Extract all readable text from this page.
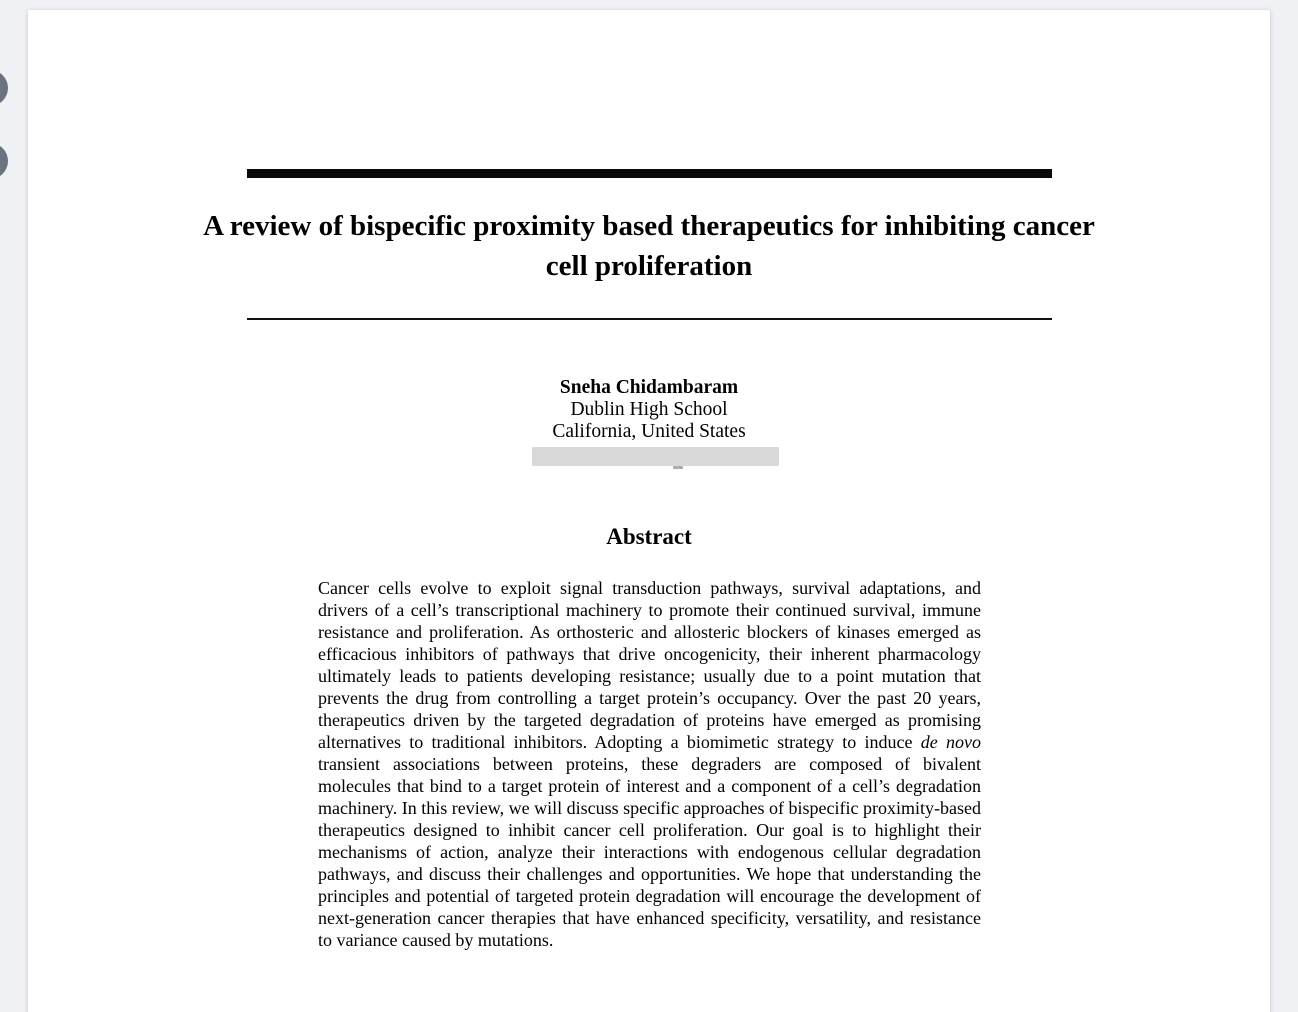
A review of bispecific proximity based therapeutics for inhibiting cancer cell proliferation
Sneha Chidambaram
Dublin High School
California, United States
Abstract

Cancer cells evolve to exploit signal transduction pathways, survival adaptations, and drivers of a cell’s transcriptional machinery to promote their continued survival, immune resistance and proliferation. As orthosteric and allosteric blockers of kinases emerged as efficacious inhibitors of pathways that drive oncogenicity, their inherent pharmacology ultimately leads to patients developing resistance; usually due to a point mutation that prevents the drug from controlling a target protein’s occupancy. Over the past 20 years, therapeutics driven by the targeted degradation of proteins have emerged as promising alternatives to traditional inhibitors. Adopting a biomimetic strategy to induce de novo transient associations between proteins, these degraders are composed of bivalent molecules that bind to a target protein of interest and a component of a cell’s degradation machinery. In this review, we will discuss specific approaches of bispecific proximity-based therapeutics designed to inhibit cancer cell proliferation. Our goal is to highlight their mechanisms of action, analyze their interactions with endogenous cellular degradation pathways, and discuss their challenges and opportunities. We hope that understanding the principles and potential of targeted protein degradation will encourage the development of next-generation cancer therapies that have enhanced specificity, versatility, and resistance to variance caused by mutations.
